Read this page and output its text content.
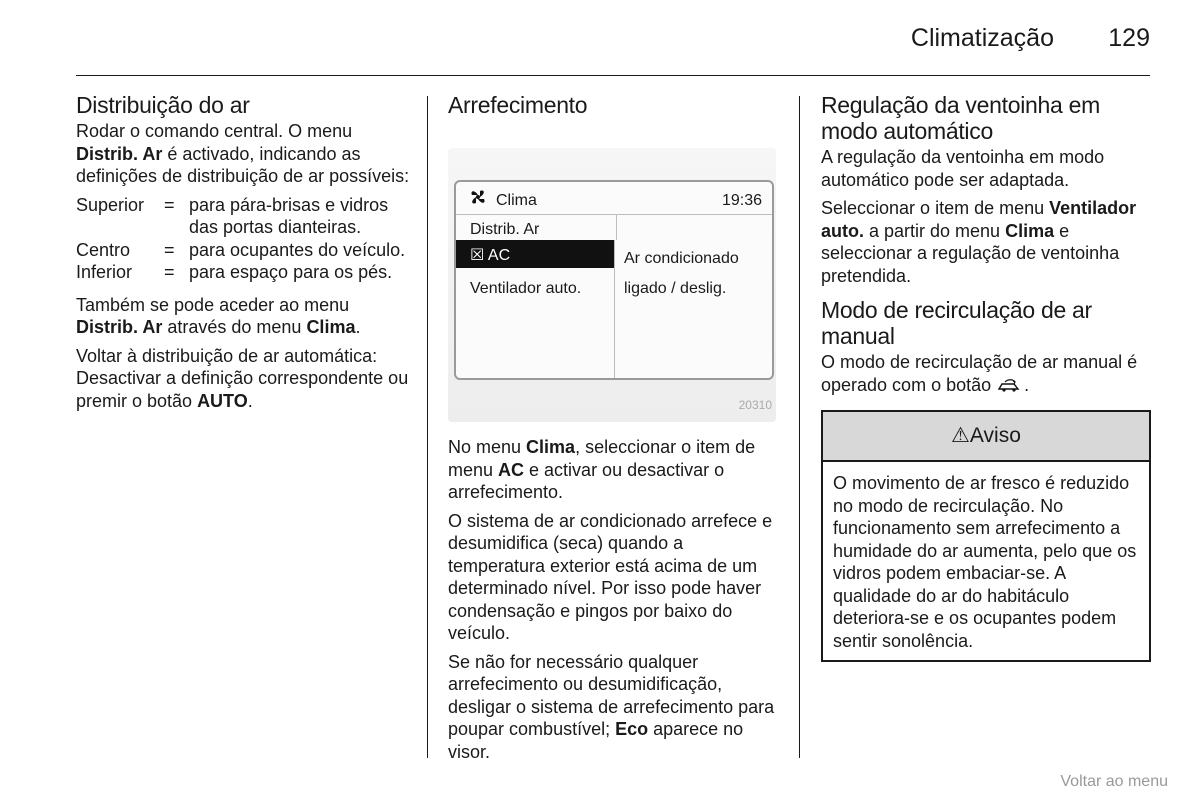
Climatização 129
Distribuição do ar

Rodar o comando central. O menu Distrib. Ar é activado, indicando as definições de distribuição de ar possíveis:

Superior	= para pára-brisas e vidros das portas dianteiras.
Centro	= para ocupantes do veículo.
Inferior	= para espaço para os pés.

Também se pode aceder ao menu Distrib. Ar através do menu Clima.

Voltar à distribuição de ar automática: Desactivar a definição correspondente ou premir o botão AUTO.

Arrefecimento
Clima	19:36
Distrib. Ar
☒ AC
Ventilador auto.
Ar condicionado
ligado / deslig.
20310

No menu Clima, seleccionar o item de menu AC e activar ou desactivar o arrefecimento.

O sistema de ar condicionado arrefece e desumidifica (seca) quando a temperatura exterior está acima de um determinado nível. Por isso pode haver condensação e pingos por baixo do veículo.

Se não for necessário qualquer arrefecimento ou desumidificação, desligar o sistema de arrefecimento para poupar combustível; Eco aparece no visor.

Regulação da ventoinha em modo automático

A regulação da ventoinha em modo automático pode ser adaptada.

Seleccionar o item de menu Ventilador auto. a partir do menu Clima e seleccionar a regulação de ventoinha pretendida.

Modo de recirculação de ar manual

O modo de recirculação de ar manual é operado com o botão .

⚠Aviso
O movimento de ar fresco é reduzido no modo de recirculação. No funcionamento sem arrefecimento a humidade do ar aumenta, pelo que os vidros podem embaciar-se. A qualidade do ar do habitáculo deteriora-se e os ocupantes podem sentir sonolência.
Voltar ao menu
